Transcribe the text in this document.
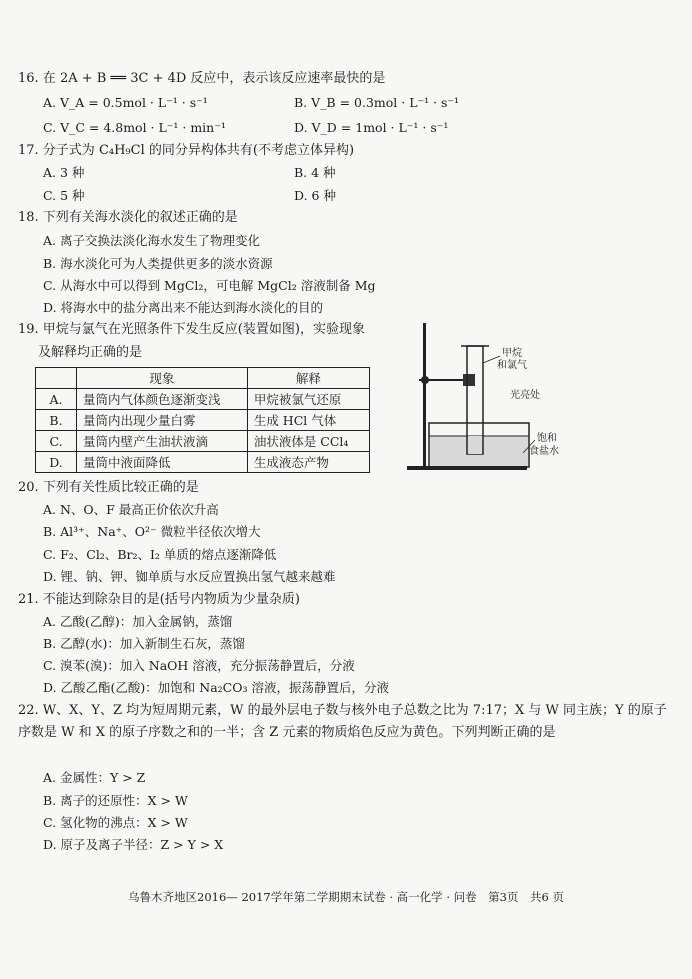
16. 在 2A + B ══ 3C + 4D 反应中，表示该反应速率最快的是
A. V_A = 0.5mol · L⁻¹ · s⁻¹	B. V_B = 0.3mol · L⁻¹ · s⁻¹
C. V_C = 4.8mol · L⁻¹ · min⁻¹	D. V_D = 1mol · L⁻¹ · s⁻¹
17. 分子式为 C₄H₉Cl 的同分异构体共有(不考虑立体异构)
A. 3 种	B. 4 种
C. 5 种	D. 6 种
18. 下列有关海水淡化的叙述正确的是
A. 离子交换法淡化海水发生了物理变化
B. 海水淡化可为人类提供更多的淡水资源
C. 从海水中可以得到 MgCl₂，可电解 MgCl₂ 溶液制备 Mg
D. 将海水中的盐分离出来不能达到海水淡化的目的
19. 甲烷与氯气在光照条件下发生反应(装置如图)，实验现象
及解释均正确的是
	现象	解释
A.	量筒内气体颜色逐渐变浅	甲烷被氯气还原
B.	量筒内出现少量白雾	生成 HCl 气体
C.	量筒内壁产生油状液滴	油状液体是 CCl₄
D.	量筒中液面降低	生成液态产物
甲烷
和氯气
光亮处
饱和
食盐水
20. 下列有关性质比较正确的是
A. N、O、F 最高正价依次升高
B. Al³⁺、Na⁺、O²⁻ 微粒半径依次增大
C. F₂、Cl₂、Br₂、I₂ 单质的熔点逐渐降低
D. 锂、钠、钾、铷单质与水反应置换出氢气越来越难
21. 不能达到除杂目的是(括号内物质为少量杂质)
A. 乙酸(乙醇)：加入金属钠，蒸馏
B. 乙醇(水)：加入新制生石灰，蒸馏
C. 溴苯(溴)：加入 NaOH 溶液，充分振荡静置后，分液
D. 乙酸乙酯(乙酸)：加饱和 Na₂CO₃ 溶液，振荡静置后，分液
22. W、X、Y、Z 均为短周期元素，W 的最外层电子数与核外电子总数之比为 7:17；X 与 W 同主族；Y 的原子序数是 W 和 X 的原子序数之和的一半；含 Z 元素的物质焰色反应为黄色。下列判断正确的是
A. 金属性：Y > Z
B. 离子的还原性：X > W
C. 氢化物的沸点：X > W
D. 原子及离子半径：Z > Y > X
乌鲁木齐地区2016— 2017学年第二学期期末试卷 · 高一化学 · 问卷　第3页　共6 页
